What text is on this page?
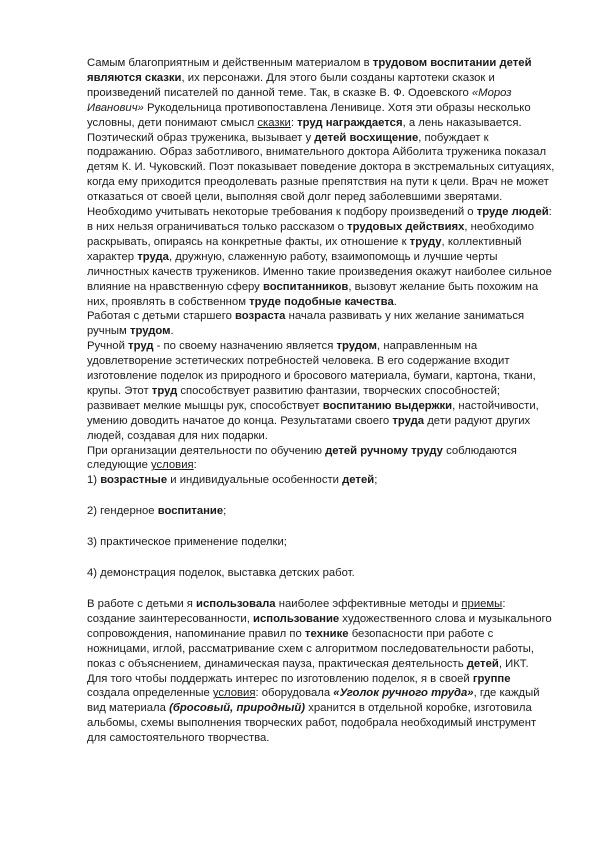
Самым благоприятным и действенным материалом в трудовом воспитании детей являются сказки, их персонажи. Для этого были созданы картотеки сказок и произведений писателей по данной теме. Так, в сказке В. Ф. Одоевского «Мороз Иванович» Рукодельница противопоставлена Ленивице. Хотя эти образы несколько условны, дети понимают смысл сказки: труд награждается, а лень наказывается. Поэтический образ труженика, вызывает у детей восхищение, побуждает к подражанию. Образ заботливого, внимательного доктора Айболита труженика показал детям К. И. Чуковский. Поэт показывает поведение доктора в экстремальных ситуациях, когда ему приходится преодолевать разные препятствия на пути к цели. Врач не может отказаться от своей цели, выполняя свой долг перед заболевшими зверятами. Необходимо учитывать некоторые требования к подбору произведений о труде людей: в них нельзя ограничиваться только рассказом о трудовых действиях, необходимо раскрывать, опираясь на конкретные факты, их отношение к труду, коллективный характер труда, дружную, слаженную работу, взаимопомощь и лучшие черты личностных качеств тружеников. Именно такие произведения окажут наиболее сильное влияние на нравственную сферу воспитанников, вызовут желание быть похожим на них, проявлять в собственном труде подобные качества.

Работая с детьми старшего возраста начала развивать у них желание заниматься ручным трудом.

Ручной труд - по своему назначению является трудом, направленным на удовлетворение эстетических потребностей человека. В его содержание входит изготовление поделок из природного и бросового материала, бумаги, картона, ткани, крупы. Этот труд способствует развитию фантазии, творческих способностей; развивает мелкие мышцы рук, способствует воспитанию выдержки, настойчивости, умению доводить начатое до конца. Результатами своего труда дети радуют других людей, создавая для них подарки.

При организации деятельности по обучению детей ручному труду соблюдаются следующие условия:

1) возрастные и индивидуальные особенности детей;

2) гендерное воспитание;

3) практическое применение поделки;

4) демонстрация поделок, выставка детских работ.

В работе с детьми я использовала наиболее эффективные методы и приемы: создание заинтересованности, использование художественного слова и музыкального сопровождения, напоминание правил по технике безопасности при работе с ножницами, иглой, рассматривание схем с алгоритмом последовательности работы, показ с объяснением, динамическая пауза, практическая деятельность детей, ИКТ.

Для того чтобы поддержать интерес по изготовлению поделок, я в своей группе создала определенные условия: оборудовала «Уголок ручного труда», где каждый вид материала (бросовый, природный) хранится в отдельной коробке, изготовила альбомы, схемы выполнения творческих работ, подобрала необходимый инструмент для самостоятельного творчества.
